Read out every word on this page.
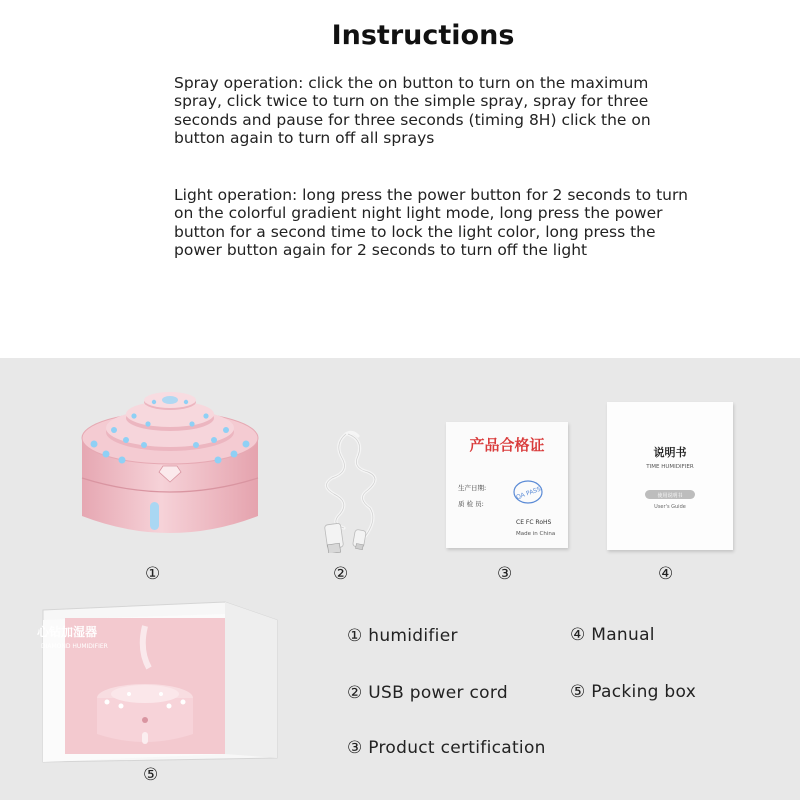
Instructions
Spray operation: click the on button to turn on the maximum spray, click twice to turn on the simple spray, spray for three seconds and pause for three seconds (timing 8H) click the on button again to turn off all sprays
Light operation: long press the power button for 2 seconds to turn on the colorful gradient night light mode, long press the power button for a second time to lock the light color, long press the power button again for 2 seconds to turn off the light
①	②
产品合格证
生产日期:
质 检 员:
QA PASS
CE FC RoHS
Made in China
③
说明书
TIME HUMIDIFIER
使用说明书
User's Guide
④
心钻加湿器
DIAMOND HUMIDIFIER
⑤
① humidifier
② USB power cord
③ Product certification
④ Manual
⑤ Packing box
